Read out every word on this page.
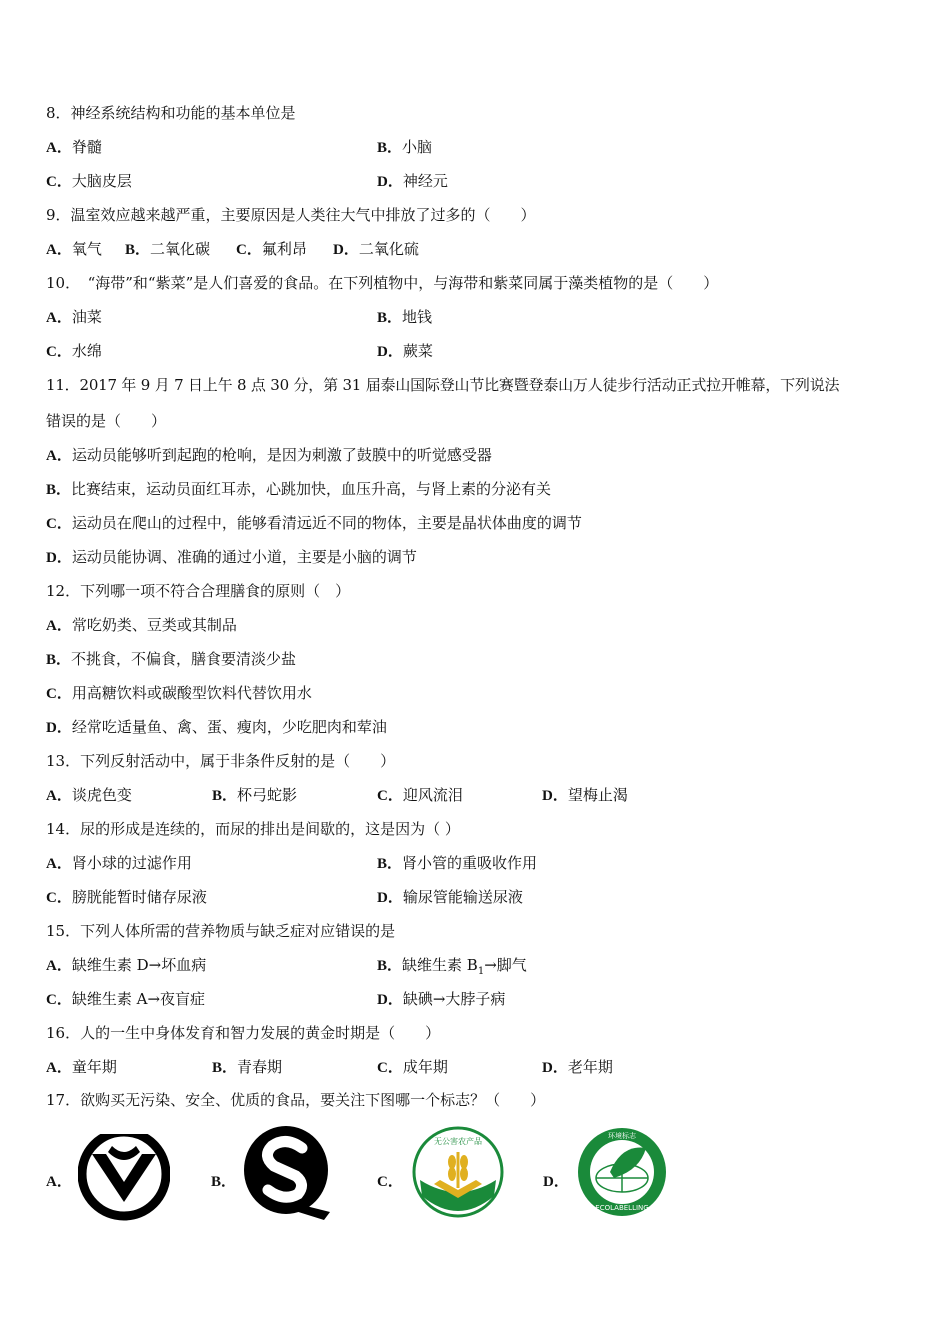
8．神经系统结构和功能的基本单位是
A．脊髓	B．小脑
C．大脑皮层	D．神经元
9．温室效应越来越严重，主要原因是人类往大气中排放了过多的（　　）
A．氧气 B．二氧化碳 C．氟利昂 D．二氧化硫
10．　“海带”和“紫菜”是人们喜爱的食品。在下列植物中，与海带和紫菜同属于藻类植物的是（　　）
A．油菜	B．地钱
C．水绵	D．蕨菜
11．2017 年 9 月 7 日上午 8 点 30 分，第 31 届泰山国际登山节比赛暨登泰山万人徒步行活动正式拉开帷幕，下列说法
错误的是（　　）
A．运动员能够听到起跑的枪响，是因为刺激了鼓膜中的听觉感受器
B．比赛结束，运动员面红耳赤，心跳加快，血压升高，与肾上素的分泌有关
C．运动员在爬山的过程中，能够看清远近不同的物体，主要是晶状体曲度的调节
D．运动员能协调、准确的通过小道，主要是小脑的调节
12．下列哪一项不符合合理膳食的原则（　）
A．常吃奶类、豆类或其制品
B．不挑食，不偏食，膳食要清淡少盐
C．用高糖饮料或碳酸型饮料代替饮用水
D．经常吃适量鱼、禽、蛋、瘦肉，少吃肥肉和荤油
13．下列反射活动中，属于非条件反射的是（　　）
A．谈虎色变	B．杯弓蛇影	C．迎风流泪	D．望梅止渴
14．尿的形成是连续的，而尿的排出是间歇的，这是因为（ ）
A．肾小球的过滤作用	B．肾小管的重吸收作用
C．膀胱能暂时储存尿液	D．输尿管能输送尿液
15．下列人体所需的营养物质与缺乏症对应错误的是
A．缺维生素 D→坏血病	B．缺维生素 $B_1\to$脚气
C．缺维生素 A→夜盲症	D．缺碘→大脖子病
16．人的一生中身体发育和智力发展的黄金时期是（　　）
A．童年期	B．青春期	C．成年期	D．老年期
17．欲购买无污染、安全、优质的食品，要关注下图哪一个标志？（　　）
A．	B．	C．
无公害农产品
D．
ECOLABELLING
环境标志
